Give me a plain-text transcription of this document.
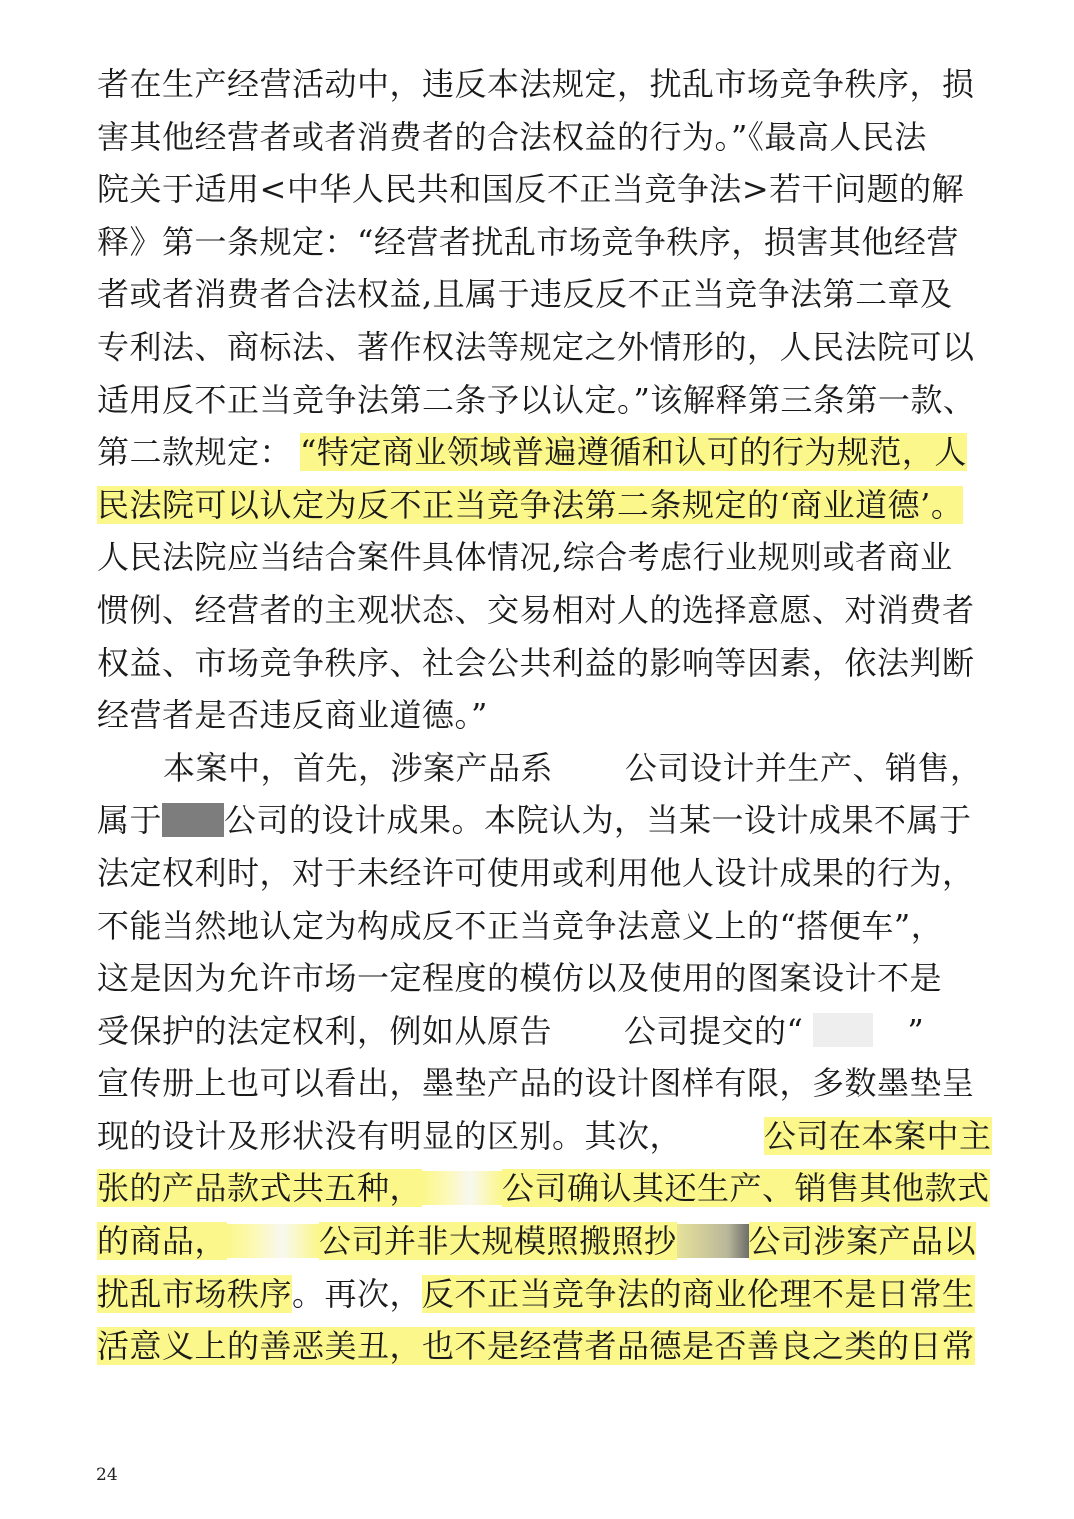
者在生产经营活动中，违反本法规定，扰乱市场竞争秩序，损
害其他经营者或者消费者的合法权益的行为。”《最高人民法
院关于适用<中华人民共和国反不正当竞争法>若干问题的解
释》第一条规定：“经营者扰乱市场竞争秩序，损害其他经营
者或者消费者合法权益,且属于违反反不正当竞争法第二章及
专利法、商标法、著作权法等规定之外情形的，人民法院可以
适用反不正当竞争法第二条予以认定。”该解释第三条第一款、
第二款规定： “特定商业领域普遍遵循和认可的行为规范，人
民法院可以认定为反不正当竞争法第二条规定的‘商业道德’。
人民法院应当结合案件具体情况,综合考虑行业规则或者商业
惯例、经营者的主观状态、交易相对人的选择意愿、对消费者
权益、市场竞争秩序、社会公共利益的影响等因素，依法判断
经营者是否违反商业道德。”
本案中，首先，涉案产品系 公司设计并生产、销售，
属于 公司的设计成果。本院认为，当某一设计成果不属于
法定权利时，对于未经许可使用或利用他人设计成果的行为，
不能当然地认定为构成反不正当竞争法意义上的“搭便车”，
这是因为允许市场一定程度的模仿以及使用的图案设计不是
受保护的法定权利，例如从原告 公司提交的“	”
宣传册上也可以看出，墨垫产品的设计图样有限，多数墨垫呈
现的设计及形状没有明显的区别。其次，	公司在本案中主
张的产品款式共五种，	公司确认其还生产、销售其他款式
的商品，	公司并非大规模照搬照抄 公司涉案产品以
扰乱市场秩序。再次，反不正当竞争法的商业伦理不是日常生
活意义上的善恶美丑，也不是经营者品德是否善良之类的日常
24
